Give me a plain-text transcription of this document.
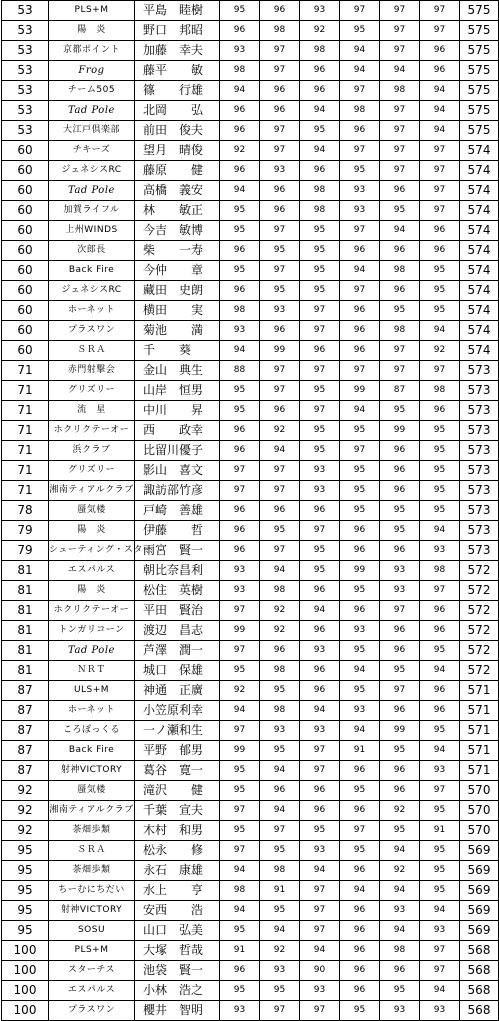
53	PLS+M	平島　睦樹	95	96	93	97	97	97	575
53	陽　炎	野口　邦昭	96	98	92	95	97	97	575
53	京都ポイント	加藤　幸夫	93	97	98	94	97	96	575
53	Frog	藤平　　敏	98	97	96	94	94	96	575
53	チーム505	篠　　行雄	94	96	96	97	98	94	575
53	Tad Pole	北岡　　弘	96	96	94	98	97	94	575
53	大江戸倶楽部	前田　俊夫	96	97	95	96	97	94	575
60	チキーズ	望月　晴俊	92	97	94	97	97	97	574
60	ジェネシスRC	藤原　　健	96	93	96	95	97	97	574
60	Tad Pole	高橋　義安	94	96	98	93	96	97	574
60	加賀ライフル	林　　敏正	95	96	98	93	95	97	574
60	上州WINDS	今吉　敏博	95	97	95	97	94	96	574
60	次郎長	柴　　一寿	96	95	95	96	96	96	574
60	Back Fire	今仲　　章	95	97	95	94	98	95	574
60	ジェネシスRC	藏田　史朗	96	95	95	97	96	95	574
60	ホーネット	横田　　実	98	93	97	96	95	95	574
60	プラスワン	菊池　　満	93	96	97	96	98	94	574
60	ＳＲＡ	千　　葵	94	99	96	96	97	92	574
71	赤門射撃会	金山　典生	88	97	97	97	97	97	573
71	グリズリー	山岸　恒男	95	97	95	99	87	98	573
71	流　星	中川　　昇	95	96	97	94	95	96	573
71	ホクリクテーオー	西　　政幸	96	92	95	95	99	95	573
71	浜クラブ	比留川優子	96	94	95	97	96	95	573
71	グリズリー	影山　喜文	97	97	93	95	96	95	573
71	湘南ティアルクラブ	諏訪部竹彦	97	97	93	95	96	95	573
78	蜃気楼	戸崎　善雄	96	96	96	95	95	95	573
79	陽　炎	伊藤　　哲	96	95	97	96	95	94	573
79	シューティング・スター	雨宮　賢一	96	97	95	96	96	93	573
81	エスパルス	朝比奈昌利	93	94	95	99	93	98	572
81	陽　炎	松住　英樹	93	98	96	95	93	97	572
81	ホクリクテーオー	平田　賢治	97	92	94	96	97	96	572
81	トンガリコーン	渡辺　昌志	99	92	96	93	96	96	572
81	Tad Pole	芦澤　潤一	97	96	93	95	96	95	572
81	ＮＲＴ	城口　保雄	95	98	96	94	95	94	572
87	ULS+M	神通　正廣	92	95	96	95	97	96	571
87	ホーネット	小笠原利幸	94	98	94	93	96	96	571
87	ころぽっくる	一ノ瀬和生	97	93	93	94	99	95	571
87	Back Fire	平野　郁男	99	95	97	91	95	94	571
87	射神VICTORY	葛谷　寛一	95	94	97	96	96	93	571
92	蜃気楼	滝沢　　健	95	96	96	95	96	97	570
92	湘南ティアルクラブ	千葉　宣夫	97	94	96	96	92	95	570
92	茶畑歩類	木村　和男	95	97	95	97	95	91	570
95	ＳＲＡ	松永　　修	97	95	93	95	94	95	569
95	茶畑歩類	永石　康雄	94	98	94	96	92	95	569
95	ちーむにちだい	水上　　亨	98	91	97	94	94	95	569
95	射神VICTORY	安西　　浩	94	95	97	96	93	94	569
95	SOSU	山口　弘美	95	94	97	96	94	93	569
100	PLS+M	大塚　哲哉	91	92	94	96	98	97	568
100	スターチス	池袋　賢一	96	93	90	96	96	97	568
100	エスパルス	小林　浩之	95	95	93	96	95	94	568
100	プラスワン	櫻井　智明	93	97	97	95	93	93	568
